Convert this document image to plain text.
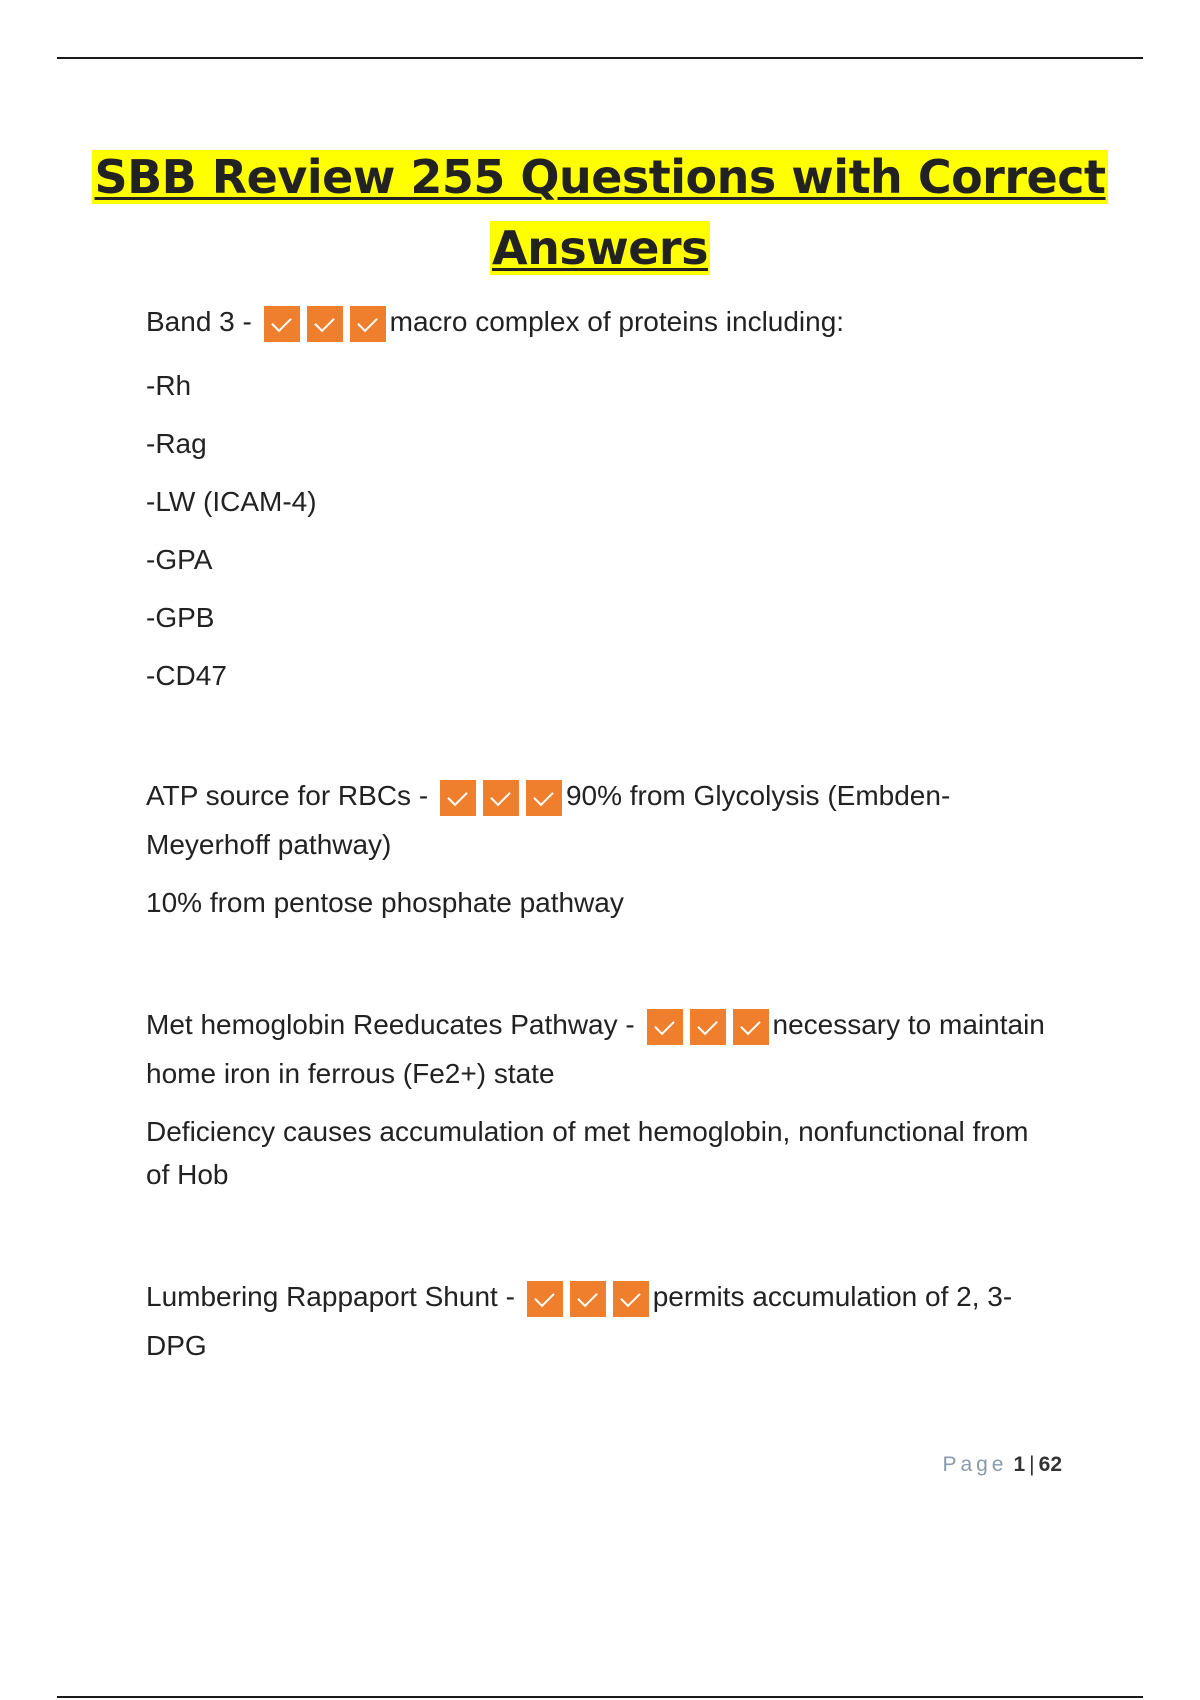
SBB Review 255 Questions with Correct
Answers

Band 3 -	macro complex of proteins including:

-Rh

-Rag

-LW (ICAM-4)

-GPA

-GPB

-CD47

ATP source for RBCs -	90% from Glycolysis (Embden-
Meyerhoff pathway)

10% from pentose phosphate pathway

Met hemoglobin Reeducates Pathway -	necessary to maintain
home iron in ferrous (Fe2+) state

Deficiency causes accumulation of met hemoglobin, nonfunctional from
of Hob

Lumbering Rappaport Shunt -	permits accumulation of 2, 3-
DPG

Page 1 | 62
